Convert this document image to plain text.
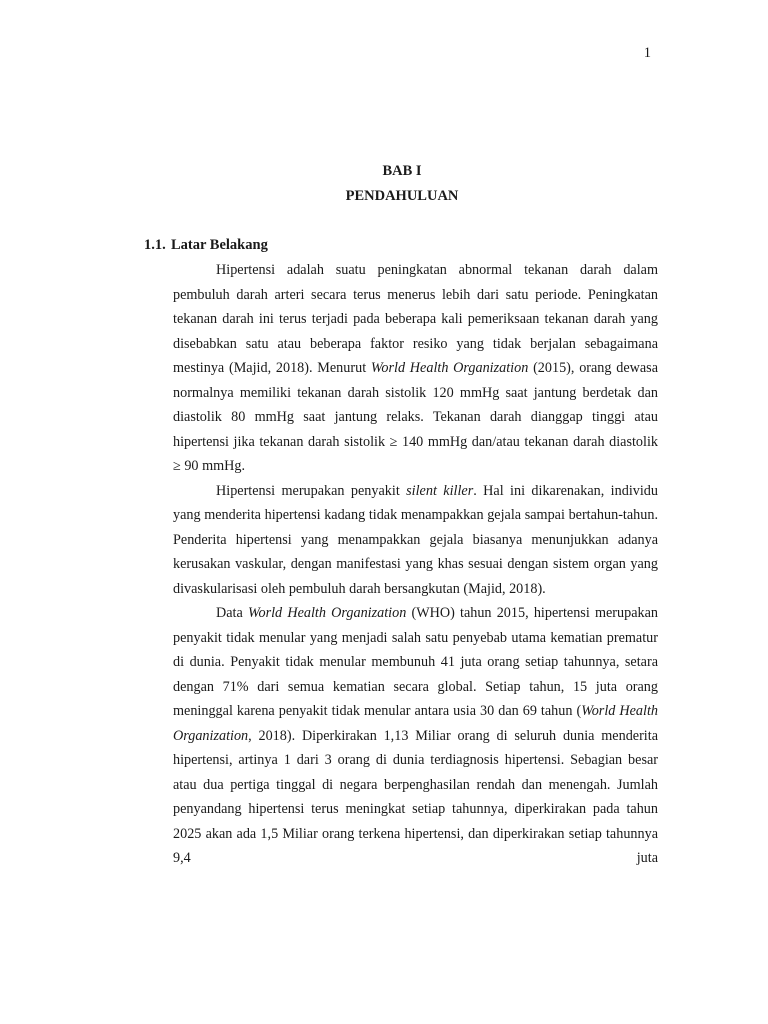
1
BAB I
PENDAHULUAN
1.1. Latar Belakang

Hipertensi adalah suatu peningkatan abnormal tekanan darah dalam pembuluh darah arteri secara terus menerus lebih dari satu periode. Peningkatan tekanan darah ini terus terjadi pada beberapa kali pemeriksaan tekanan darah yang disebabkan satu atau beberapa faktor resiko yang tidak berjalan sebagaimana mestinya (Majid, 2018). Menurut World Health Organization (2015), orang dewasa normalnya memiliki tekanan darah sistolik 120 mmHg saat jantung berdetak dan diastolik 80 mmHg saat jantung relaks. Tekanan darah dianggap tinggi atau hipertensi jika tekanan darah sistolik ≥ 140 mmHg dan/atau tekanan darah diastolik ≥ 90 mmHg.

Hipertensi merupakan penyakit silent killer. Hal ini dikarenakan, individu yang menderita hipertensi kadang tidak menampakkan gejala sampai bertahun-tahun. Penderita hipertensi yang menampakkan gejala biasanya menunjukkan adanya kerusakan vaskular, dengan manifestasi yang khas sesuai dengan sistem organ yang divaskularisasi oleh pembuluh darah bersangkutan (Majid, 2018).

Data World Health Organization (WHO) tahun 2015, hipertensi merupakan penyakit tidak menular yang menjadi salah satu penyebab utama kematian prematur di dunia. Penyakit tidak menular membunuh 41 juta orang setiap tahunnya, setara dengan 71% dari semua kematian secara global. Setiap tahun, 15 juta orang meninggal karena penyakit tidak menular antara usia 30 dan 69 tahun (World Health Organization, 2018). Diperkirakan 1,13 Miliar orang di seluruh dunia menderita hipertensi, artinya 1 dari 3 orang di dunia terdiagnosis hipertensi. Sebagian besar atau dua pertiga tinggal di negara berpenghasilan rendah dan menengah. Jumlah penyandang hipertensi terus meningkat setiap tahunnya, diperkirakan pada tahun 2025 akan ada 1,5 Miliar orang terkena hipertensi, dan diperkirakan setiap tahunnya 9,4 juta
